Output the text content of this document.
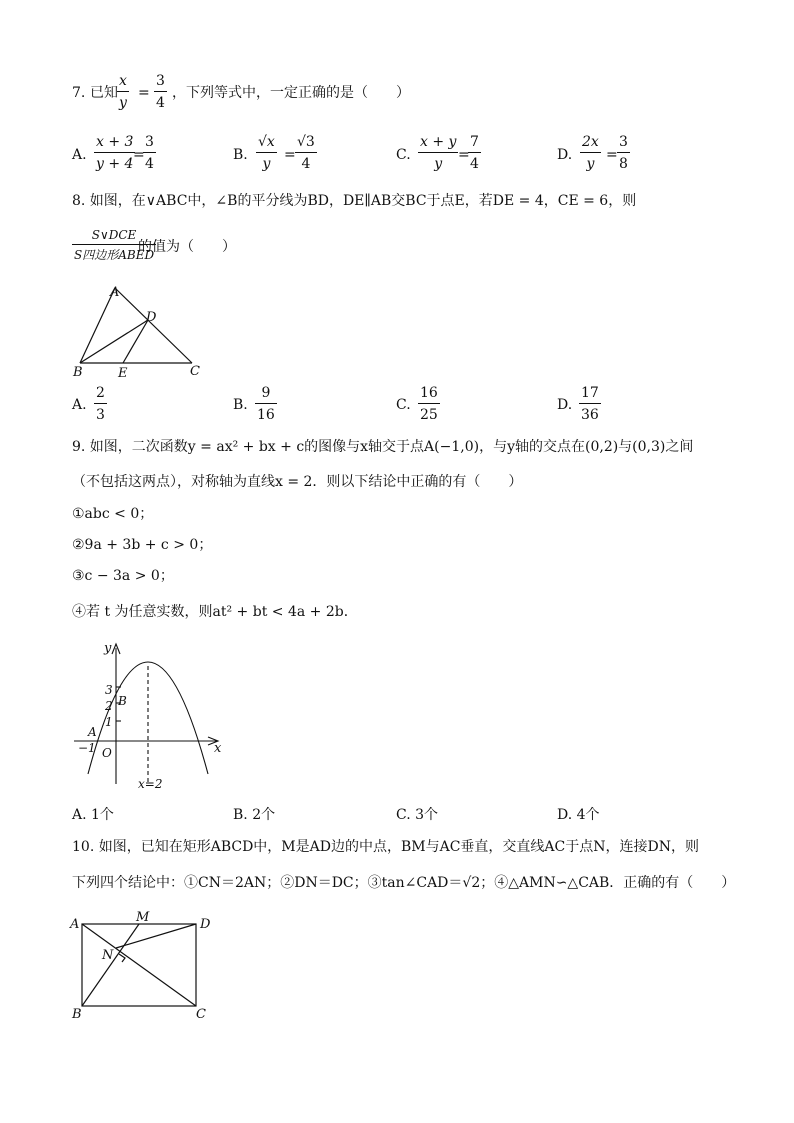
7. 已知 $\frac{x}{y} = \frac{3}{4}$ ，下列等式中，一定正确的是（　　）
A. $\frac{x + 3}{y + 4}$
=
$\frac{3}{4}$	B. $\frac{√x}{y} = \frac{√3}{4}$	C. $\frac{x + y}{y}$ =
$\frac{7}{4}$	D. $\frac{2x}{y} = \frac{3}{8}$
8. 如图，在∨ABC中，∠B的平分线为BD，DE∥AB交BC于点E，若DE = 4，CE = 6，则
S∨DCE
S四边形ABED
的值为（　　）
A
D
B	E	C
A. $\frac{2}{3}$	B. $\frac{9}{16}$	C. $\frac{16}{25}$	D. $\frac{17}{36}$
9. 如图，二次函数y = ax² + bx + c的图像与x轴交于点A(−1,0)，与y轴的交点在(0,2)与(0,3)之间
（不包括这两点），对称轴为直线x = 2．则以下结论中正确的有（　　）
①abc < 0；
②9a + 3b + c > 0；
③c − 3a > 0；
④若 t 为任意实数，则at² + bt < 4a + 2b．
y
x
3
2
1
B
A
−1 O
x=2
A. 1个	B. 2个	C. 3个	D. 4个
10. 如图，已知在矩形ABCD中，M是AD边的中点，BM与AC垂直，交直线AC于点N，连接DN，则
下列四个结论中：①CN＝2AN；②DN＝DC；③tan∠CAD＝√2；④△AMN∽△CAB．正确的有（　　）
A	M	D
N
B	C
